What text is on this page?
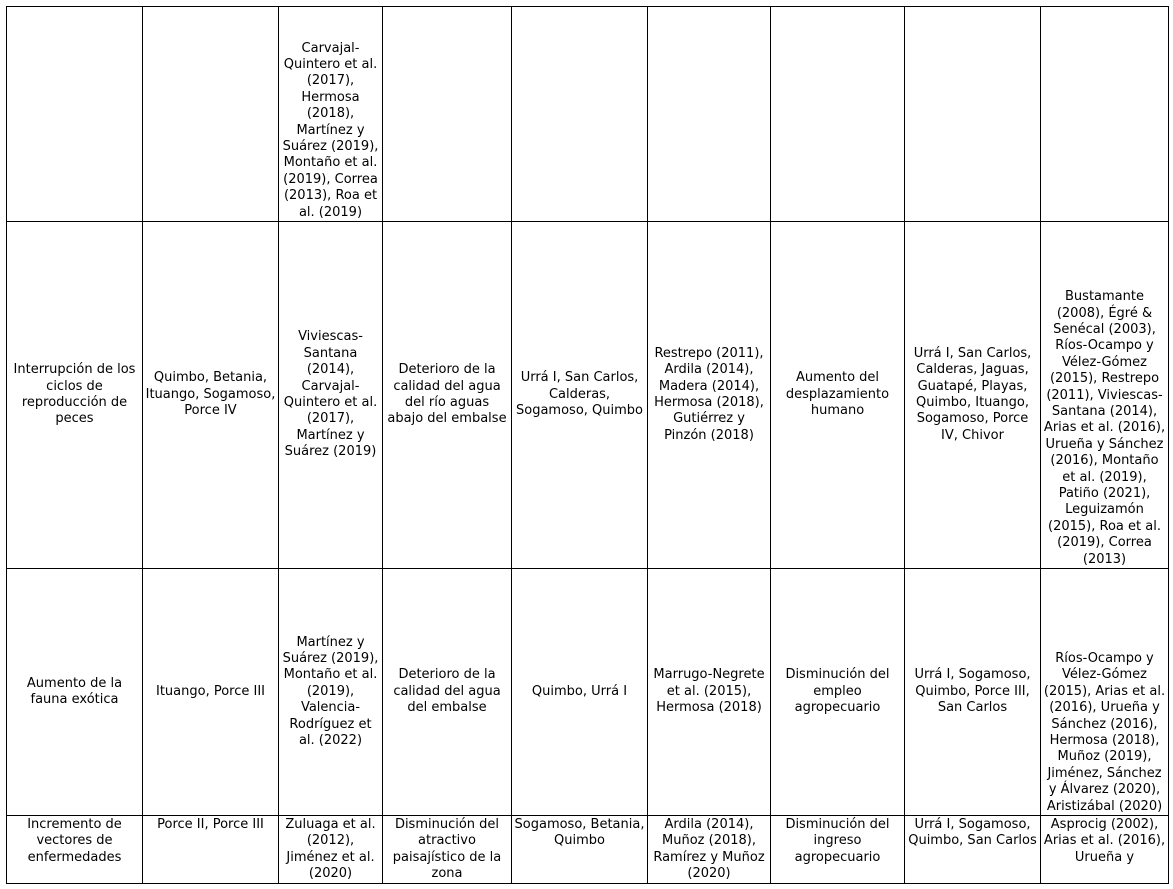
		Carvajal-Quintero et al. (2017), Hermosa (2018), Martínez y Suárez (2019), Montaño et al. (2019), Correa (2013), Roa et al. (2019)						
Interrupción de los ciclos de reproducción de peces	Quimbo, Betania, Ituango, Sogamoso, Porce IV	Viviescas-Santana (2014), Carvajal-Quintero et al. (2017), Martínez y Suárez (2019)	Deterioro de la calidad del agua del río aguas abajo del embalse	Urrá I, San Carlos, Calderas, Sogamoso, Quimbo	Restrepo (2011), Ardila (2014), Madera (2014), Hermosa (2018), Gutiérrez y Pinzón (2018)	Aumento del desplazamiento humano	Urrá I, San Carlos, Calderas, Jaguas, Guatapé, Playas, Quimbo, Ituango, Sogamoso, Porce IV, Chivor	Bustamante (2008), Égré & Senécal (2003), Ríos-Ocampo y Vélez-Gómez (2015), Restrepo (2011), Viviescas-Santana (2014), Arias et al. (2016), Urueña y Sánchez (2016), Montaño et al. (2019), Patiño (2021), Leguizamón (2015), Roa et al. (2019), Correa (2013)
Aumento de la fauna exótica	Ituango, Porce III	Martínez y Suárez (2019), Montaño et al. (2019), Valencia-Rodríguez et al. (2022)	Deterioro de la calidad del agua del embalse	Quimbo, Urrá I	Marrugo-Negrete et al. (2015), Hermosa (2018)	Disminución del empleo agropecuario	Urrá I, Sogamoso, Quimbo, Porce III, San Carlos	Ríos-Ocampo y Vélez-Gómez (2015), Arias et al. (2016), Urueña y Sánchez (2016), Hermosa (2018), Muñoz (2019), Jiménez, Sánchez y Álvarez (2020), Aristizábal (2020)
Incremento de vectores de enfermedades	Porce II, Porce III	Zuluaga et al. (2012), Jiménez et al. (2020)	Disminución del atractivo paisajístico de la zona	Sogamoso, Betania, Quimbo	Ardila (2014), Muñoz (2018), Ramírez y Muñoz (2020)	Disminución del ingreso agropecuario	Urrá I, Sogamoso, Quimbo, San Carlos	Asprocig (2002), Arias et al. (2016), Urueña y
